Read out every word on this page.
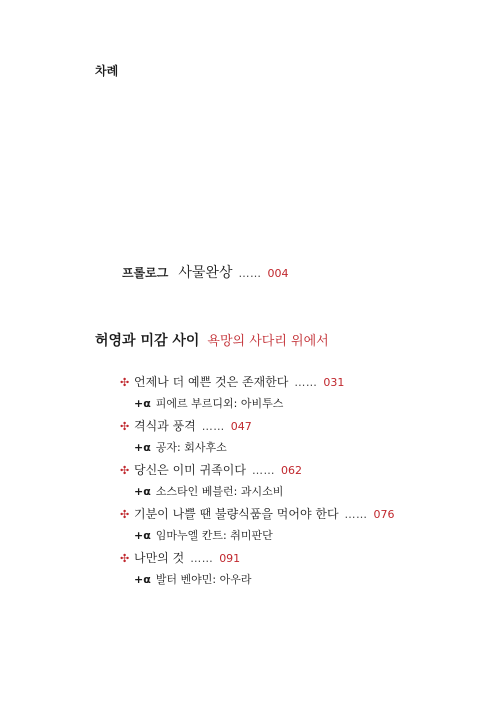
차례
프롤로그 사물완상 …… 004
허영과 미감 사이 욕망의 사다리 위에서
✣ 언제나 더 예쁜 것은 존재한다 …… 031
+α 피에르 부르디외: 아비투스
✣ 격식과 풍격 …… 047
+α 공자: 회사후소
✣ 당신은 이미 귀족이다 …… 062
+α 소스타인 베블런: 과시소비
✣ 기분이 나쁠 땐 불량식품을 먹어야 한다 …… 076
+α 임마누엘 칸트: 취미판단
✣ 나만의 것 …… 091
+α 발터 벤야민: 아우라
